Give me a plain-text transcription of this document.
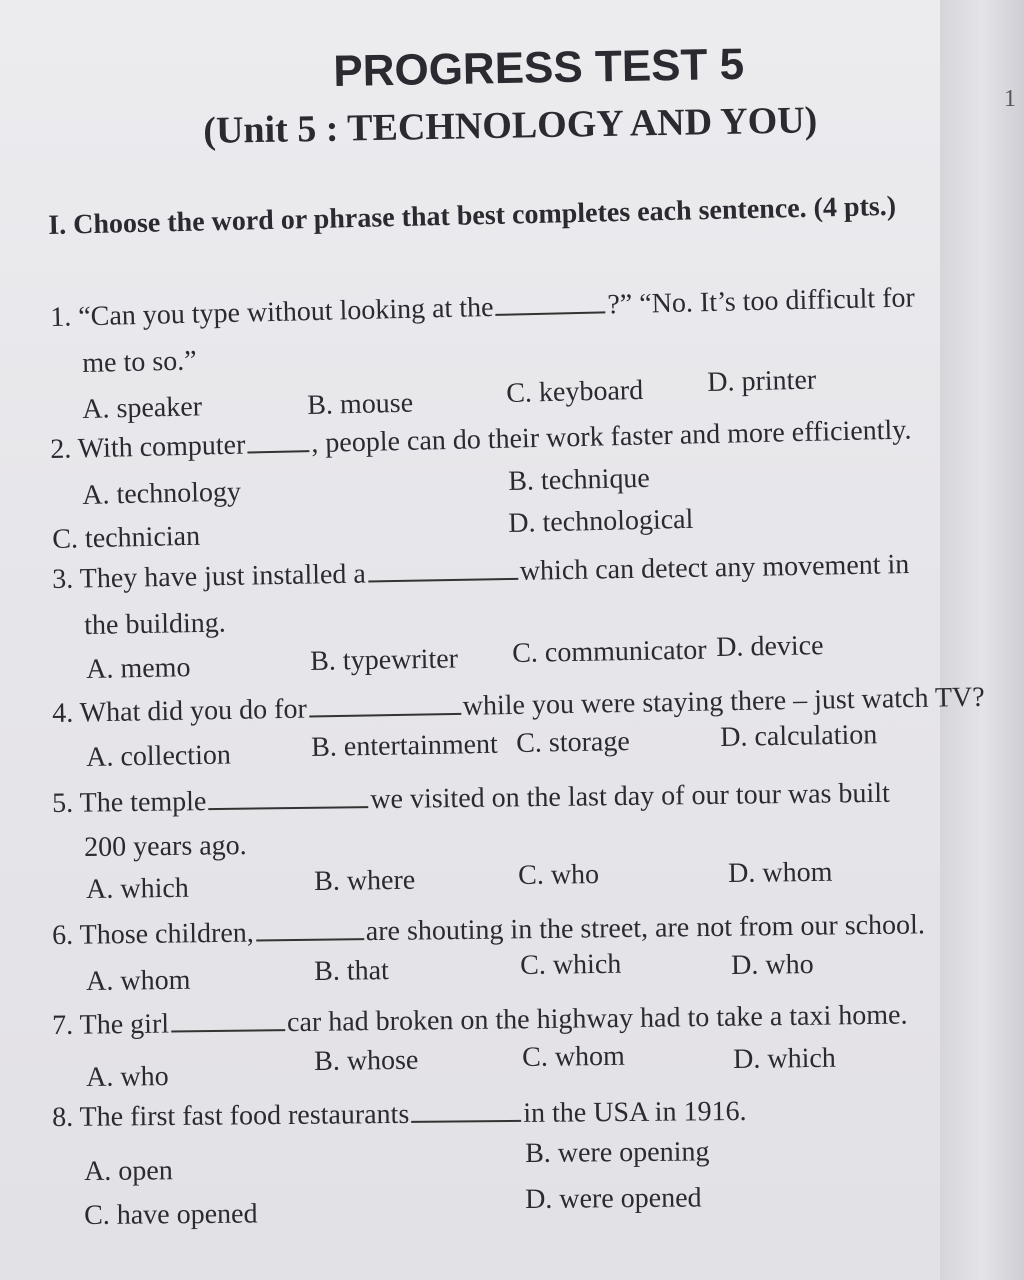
1
PROGRESS TEST 5
(Unit 5 : TECHNOLOGY AND YOU)
I. Choose the word or phrase that best completes each sentence. (4 pts.)
1. “Can you type without looking at the	?” “No. It’s too difficult for
me to so.”
A. speaker	B. mouse	C. keyboard D. printer
2. With computer , people can do their work faster and more efficiently.
A. technology	B. technique
C. technician	D. technological
3. They have just installed a	which can detect any movement in
the building.
A. memo	B. typewriter C. communicator D. device
4. What did you do for	while you were staying there – just watch TV?
A. collection	B. entertainment C. storage	D. calculation
5. The temple	we visited on the last day of our tour was built
200 years ago.
A. which	B. where	C. who	D. whom
6. Those children,	are shouting in the street, are not from our school.
A. whom	B. that	C. which	D. who
7. The girl	car had broken on the highway had to take a taxi home.
A. who	B. whose	C. whom	D. which
8. The first fast food restaurants	in the USA in 1916.
A. open
B. were opening
C. have opened	D. were opened
